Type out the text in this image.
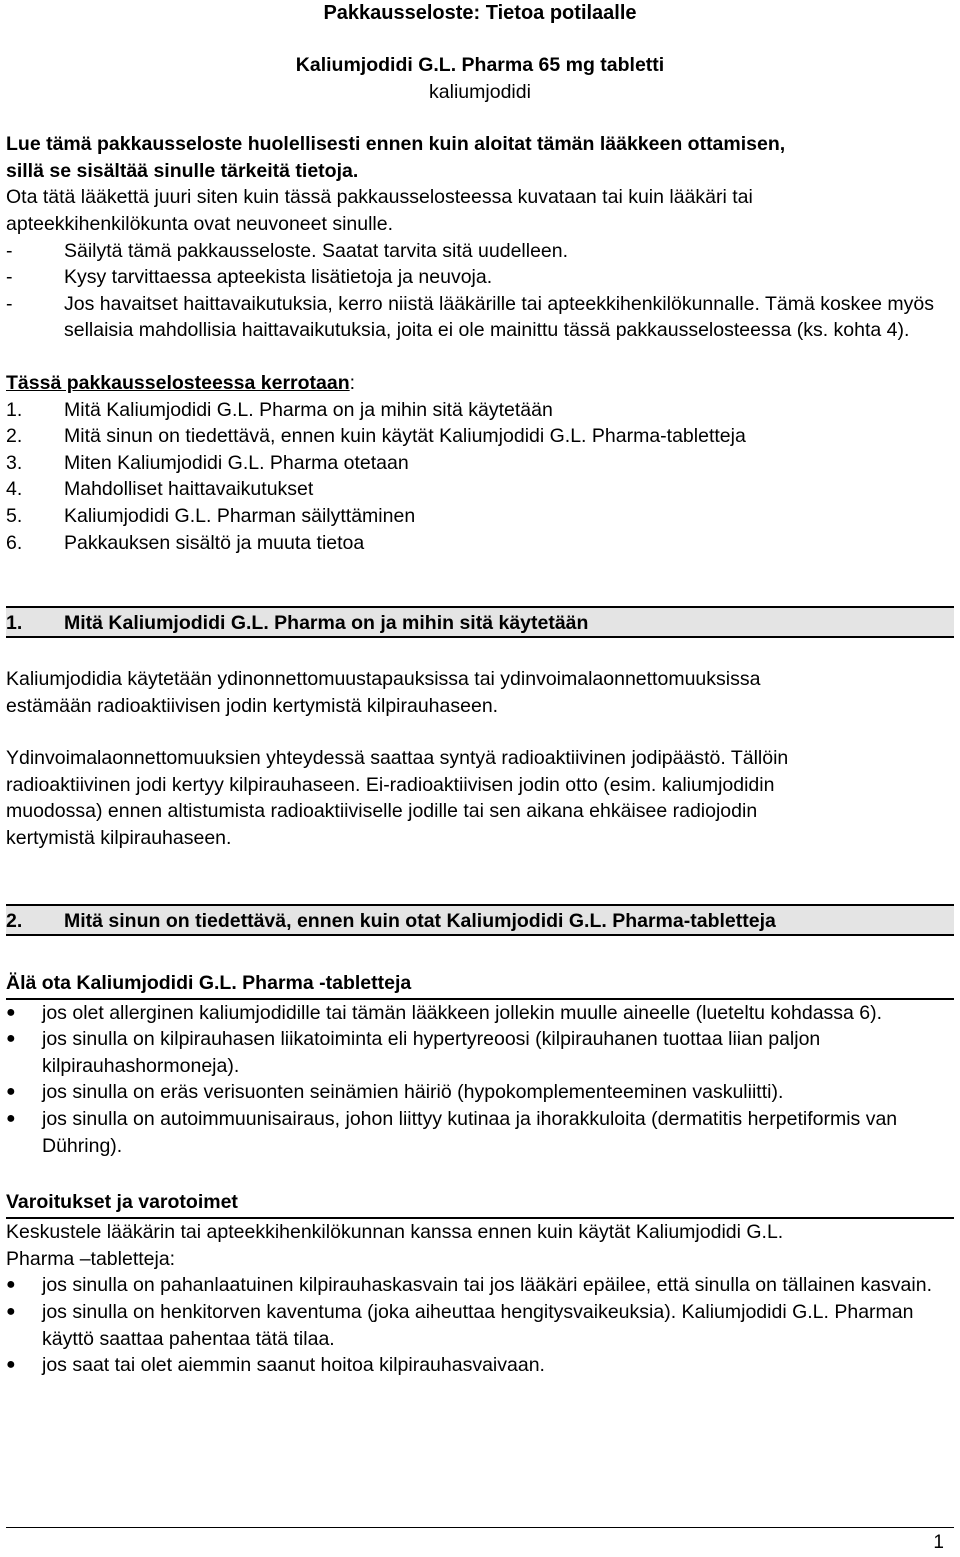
Pakkausseloste: Tietoa potilaalle
Kaliumjodidi G.L. Pharma 65 mg tabletti
kaliumjodidi

Lue tämä pakkausseloste huolellisesti ennen kuin aloitat tämän lääkkeen ottamisen,

sillä se sisältää sinulle tärkeitä tietoja.

Ota tätä lääkettä juuri siten kuin tässä pakkausselosteessa kuvataan tai kuin lääkäri tai

apteekkihenkilökunta ovat neuvoneet sinulle.

-	Säilytä tämä pakkausseloste. Saatat tarvita sitä uudelleen.
-	Kysy tarvittaessa apteekista lisätietoja ja neuvoja.
-	Jos havaitset haittavaikutuksia, kerro niistä lääkärille tai apteekkihenkilökunnalle. Tämä koskee myös sellaisia mahdollisia haittavaikutuksia, joita ei ole mainittu tässä pakkausselosteessa (ks. kohta 4).
Tässä pakkausselosteessa kerrotaan:
1.	Mitä Kaliumjodidi G.L. Pharma on ja mihin sitä käytetään
2.	Mitä sinun on tiedettävä, ennen kuin käytät Kaliumjodidi G.L. Pharma-tabletteja
3.	Miten Kaliumjodidi G.L. Pharma otetaan
4.	Mahdolliset haittavaikutukset
5.	Kaliumjodidi G.L. Pharman säilyttäminen
6.	Pakkauksen sisältö ja muuta tietoa
1.	Mitä Kaliumjodidi G.L. Pharma on ja mihin sitä käytetään

Kaliumjodidia käytetään ydinonnettomuustapauksissa tai ydinvoimalaonnettomuuksissa

estämään radioaktiivisen jodin kertymistä kilpirauhaseen.

Ydinvoimalaonnettomuuksien yhteydessä saattaa syntyä radioaktiivinen jodipäästö. Tällöin

radioaktiivinen jodi kertyy kilpirauhaseen. Ei-radioaktiivisen jodin otto (esim. kaliumjodidin

muodossa) ennen altistumista radioaktiiviselle jodille tai sen aikana ehkäisee radiojodin

kertymistä kilpirauhaseen.

2.	Mitä sinun on tiedettävä, ennen kuin otat Kaliumjodidi G.L. Pharma-tabletteja
Älä ota Kaliumjodidi G.L. Pharma -tabletteja
●	jos olet allerginen kaliumjodidille tai tämän lääkkeen jollekin muulle aineelle (lueteltu kohdassa 6).
●	jos sinulla on kilpirauhasen liikatoiminta eli hypertyreoosi (kilpirauhanen tuottaa liian paljon kilpirauhashormoneja).
●	jos sinulla on eräs verisuonten seinämien häiriö (hypokomplementeeminen vaskuliitti).
●	jos sinulla on autoimmuunisairaus, johon liittyy kutinaa ja ihorakkuloita (dermatitis herpetiformis van Dühring).
Varoitukset ja varotoimet

Keskustele lääkärin tai apteekkihenkilökunnan kanssa ennen kuin käytät Kaliumjodidi G.L.

Pharma –tabletteja:

●	jos sinulla on pahanlaatuinen kilpirauhaskasvain tai jos lääkäri epäilee, että sinulla on tällainen kasvain.
●	jos sinulla on henkitorven kaventuma (joka aiheuttaa hengitysvaikeuksia). Kaliumjodidi G.L. Pharman käyttö saattaa pahentaa tätä tilaa.
●	jos saat tai olet aiemmin saanut hoitoa kilpirauhasvaivaan.
1
